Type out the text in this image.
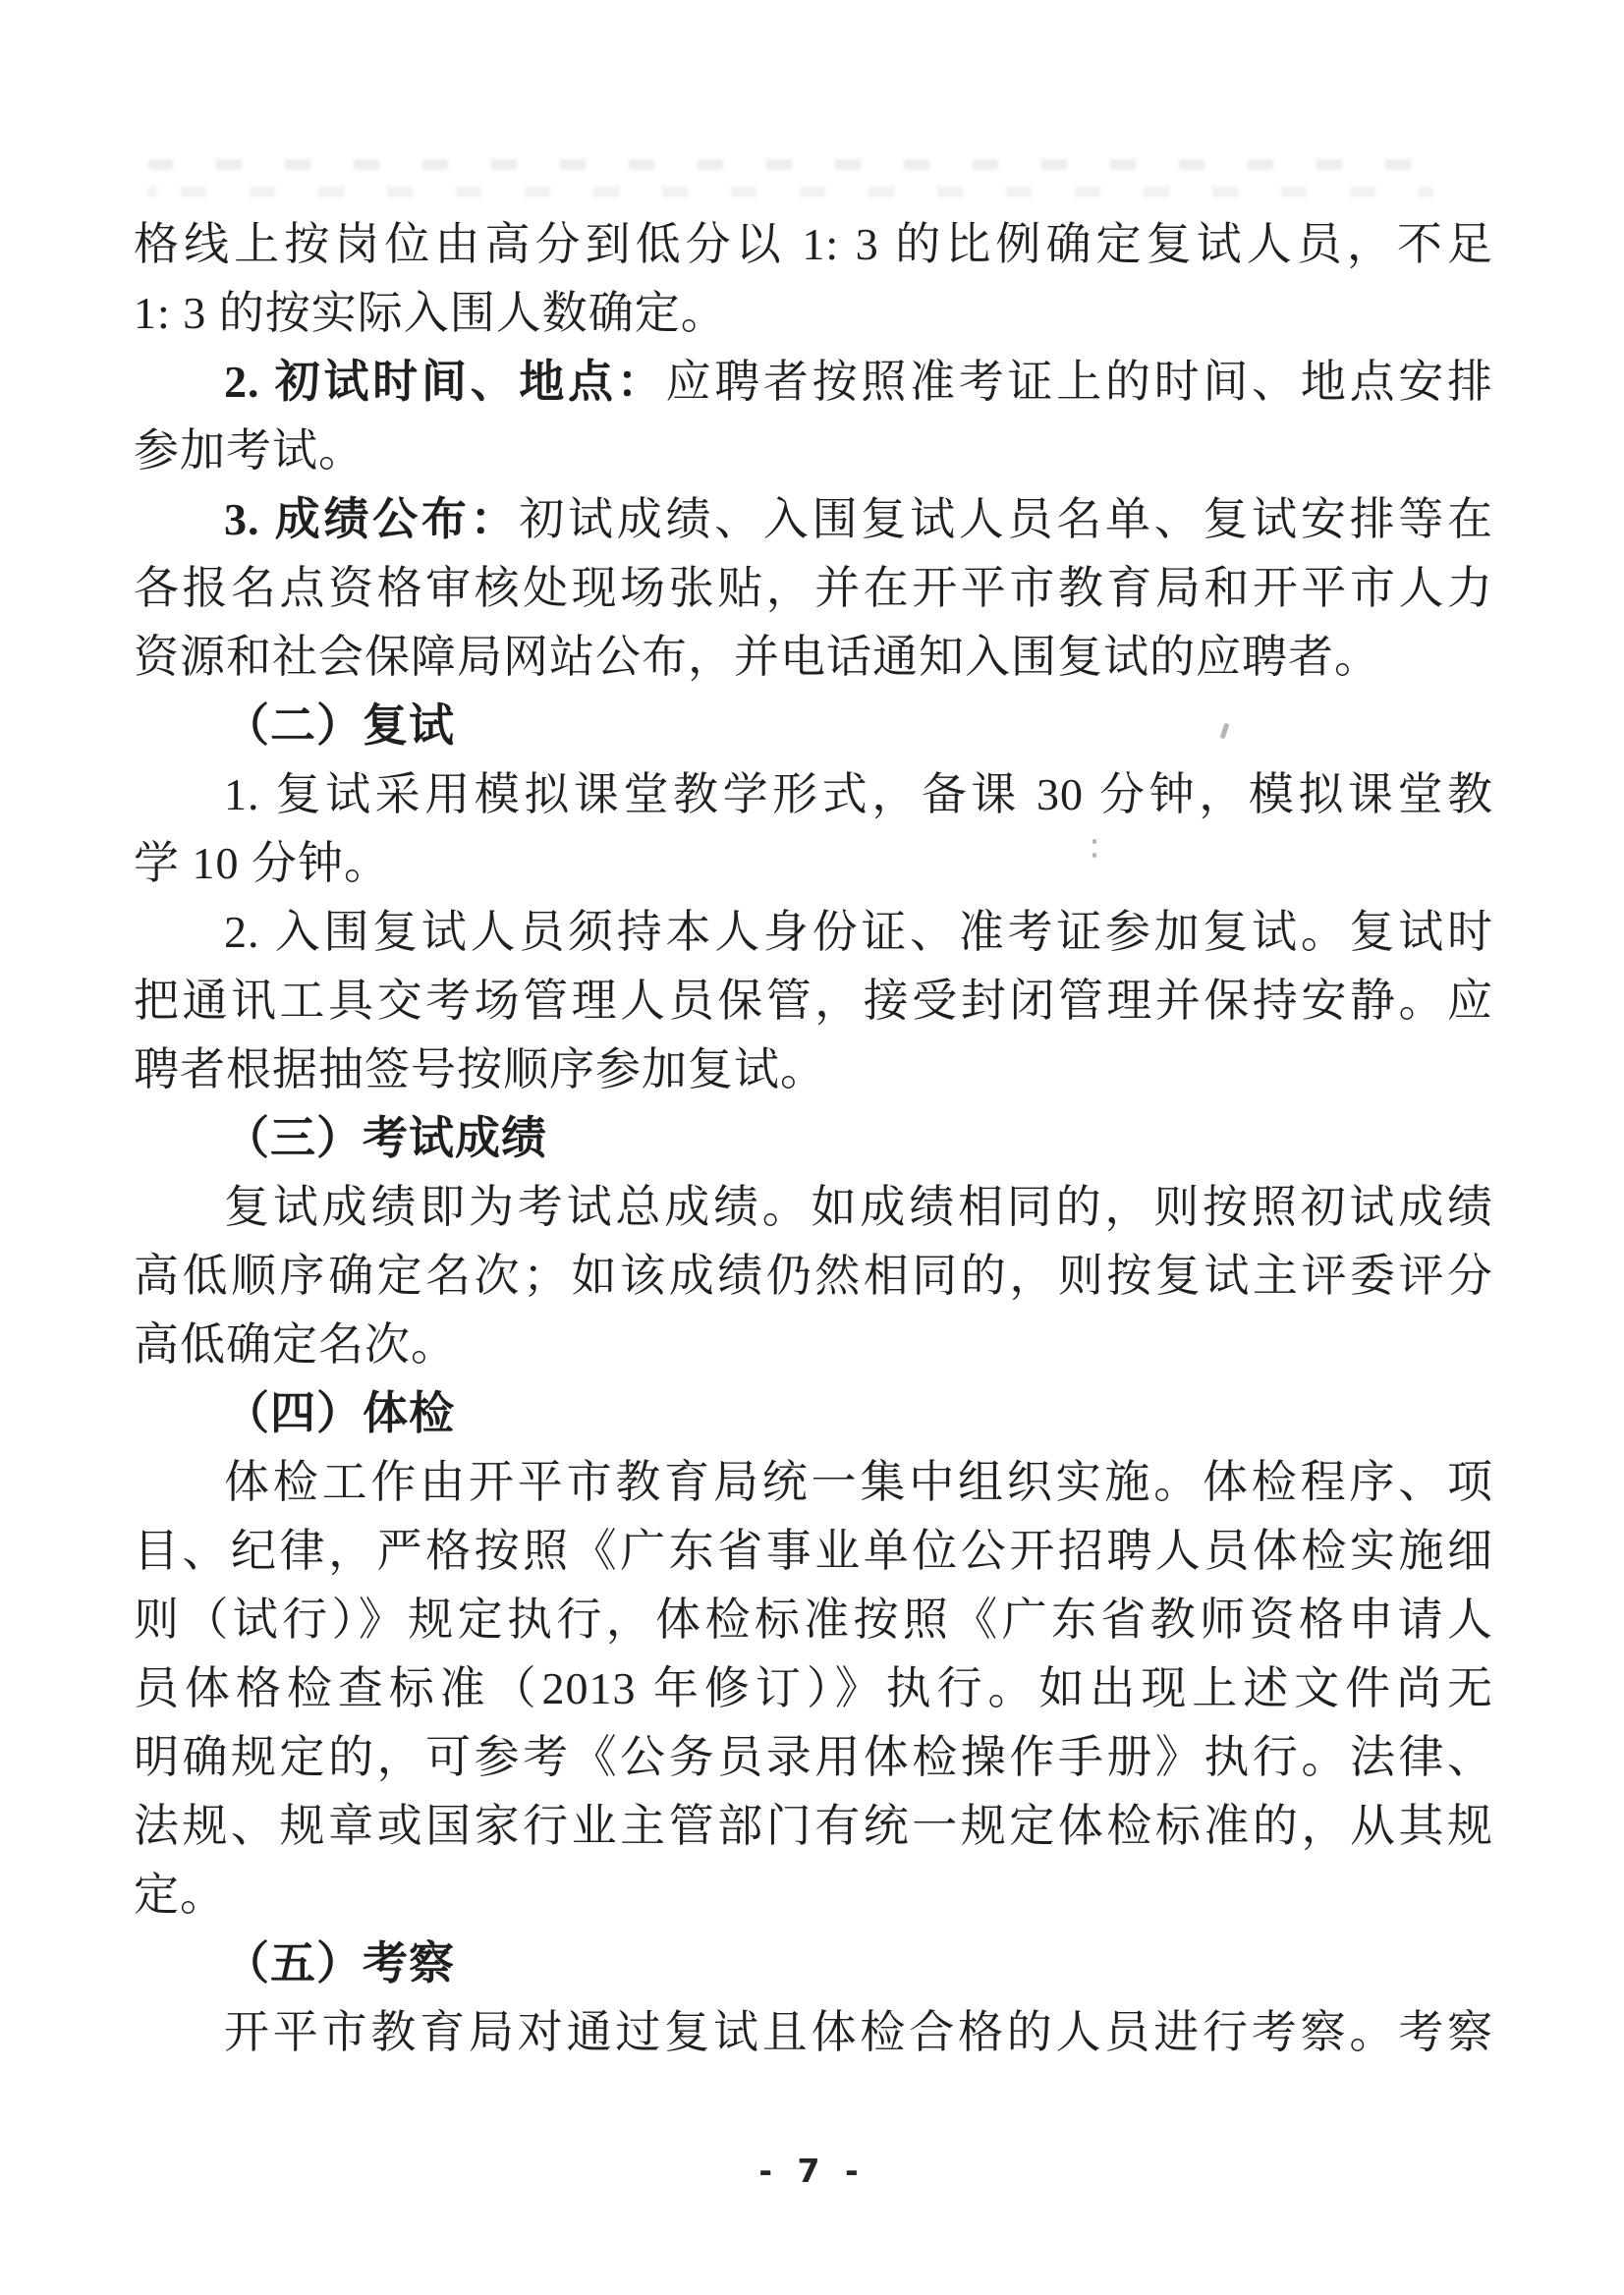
格线上按岗位由高分到低分以 1: 3 的比例确定复试人员，不足
1: 3 的按实际入围人数确定。
2. 初试时间、地点：应聘者按照准考证上的时间、地点安排
参加考试。
3. 成绩公布：初试成绩、入围复试人员名单、复试安排等在
各报名点资格审核处现场张贴，并在开平市教育局和开平市人力
资源和社会保障局网站公布，并电话通知入围复试的应聘者。
（二）复试
1. 复试采用模拟课堂教学形式，备课 30 分钟，模拟课堂教
学 10 分钟。
2. 入围复试人员须持本人身份证、准考证参加复试。复试时
把通讯工具交考场管理人员保管，接受封闭管理并保持安静。应
聘者根据抽签号按顺序参加复试。
（三）考试成绩
复试成绩即为考试总成绩。如成绩相同的，则按照初试成绩
高低顺序确定名次；如该成绩仍然相同的，则按复试主评委评分
高低确定名次。
（四）体检
体检工作由开平市教育局统一集中组织实施。体检程序、项
目、纪律，严格按照《广东省事业单位公开招聘人员体检实施细
则（试行）》规定执行，体检标准按照《广东省教师资格申请人
员体格检查标准（2013 年修订）》执行。如出现上述文件尚无
明确规定的，可参考《公务员录用体检操作手册》执行。法律、
法规、规章或国家行业主管部门有统一规定体检标准的，从其规
定。
（五）考察
开平市教育局对通过复试且体检合格的人员进行考察。考察
- 7 -
